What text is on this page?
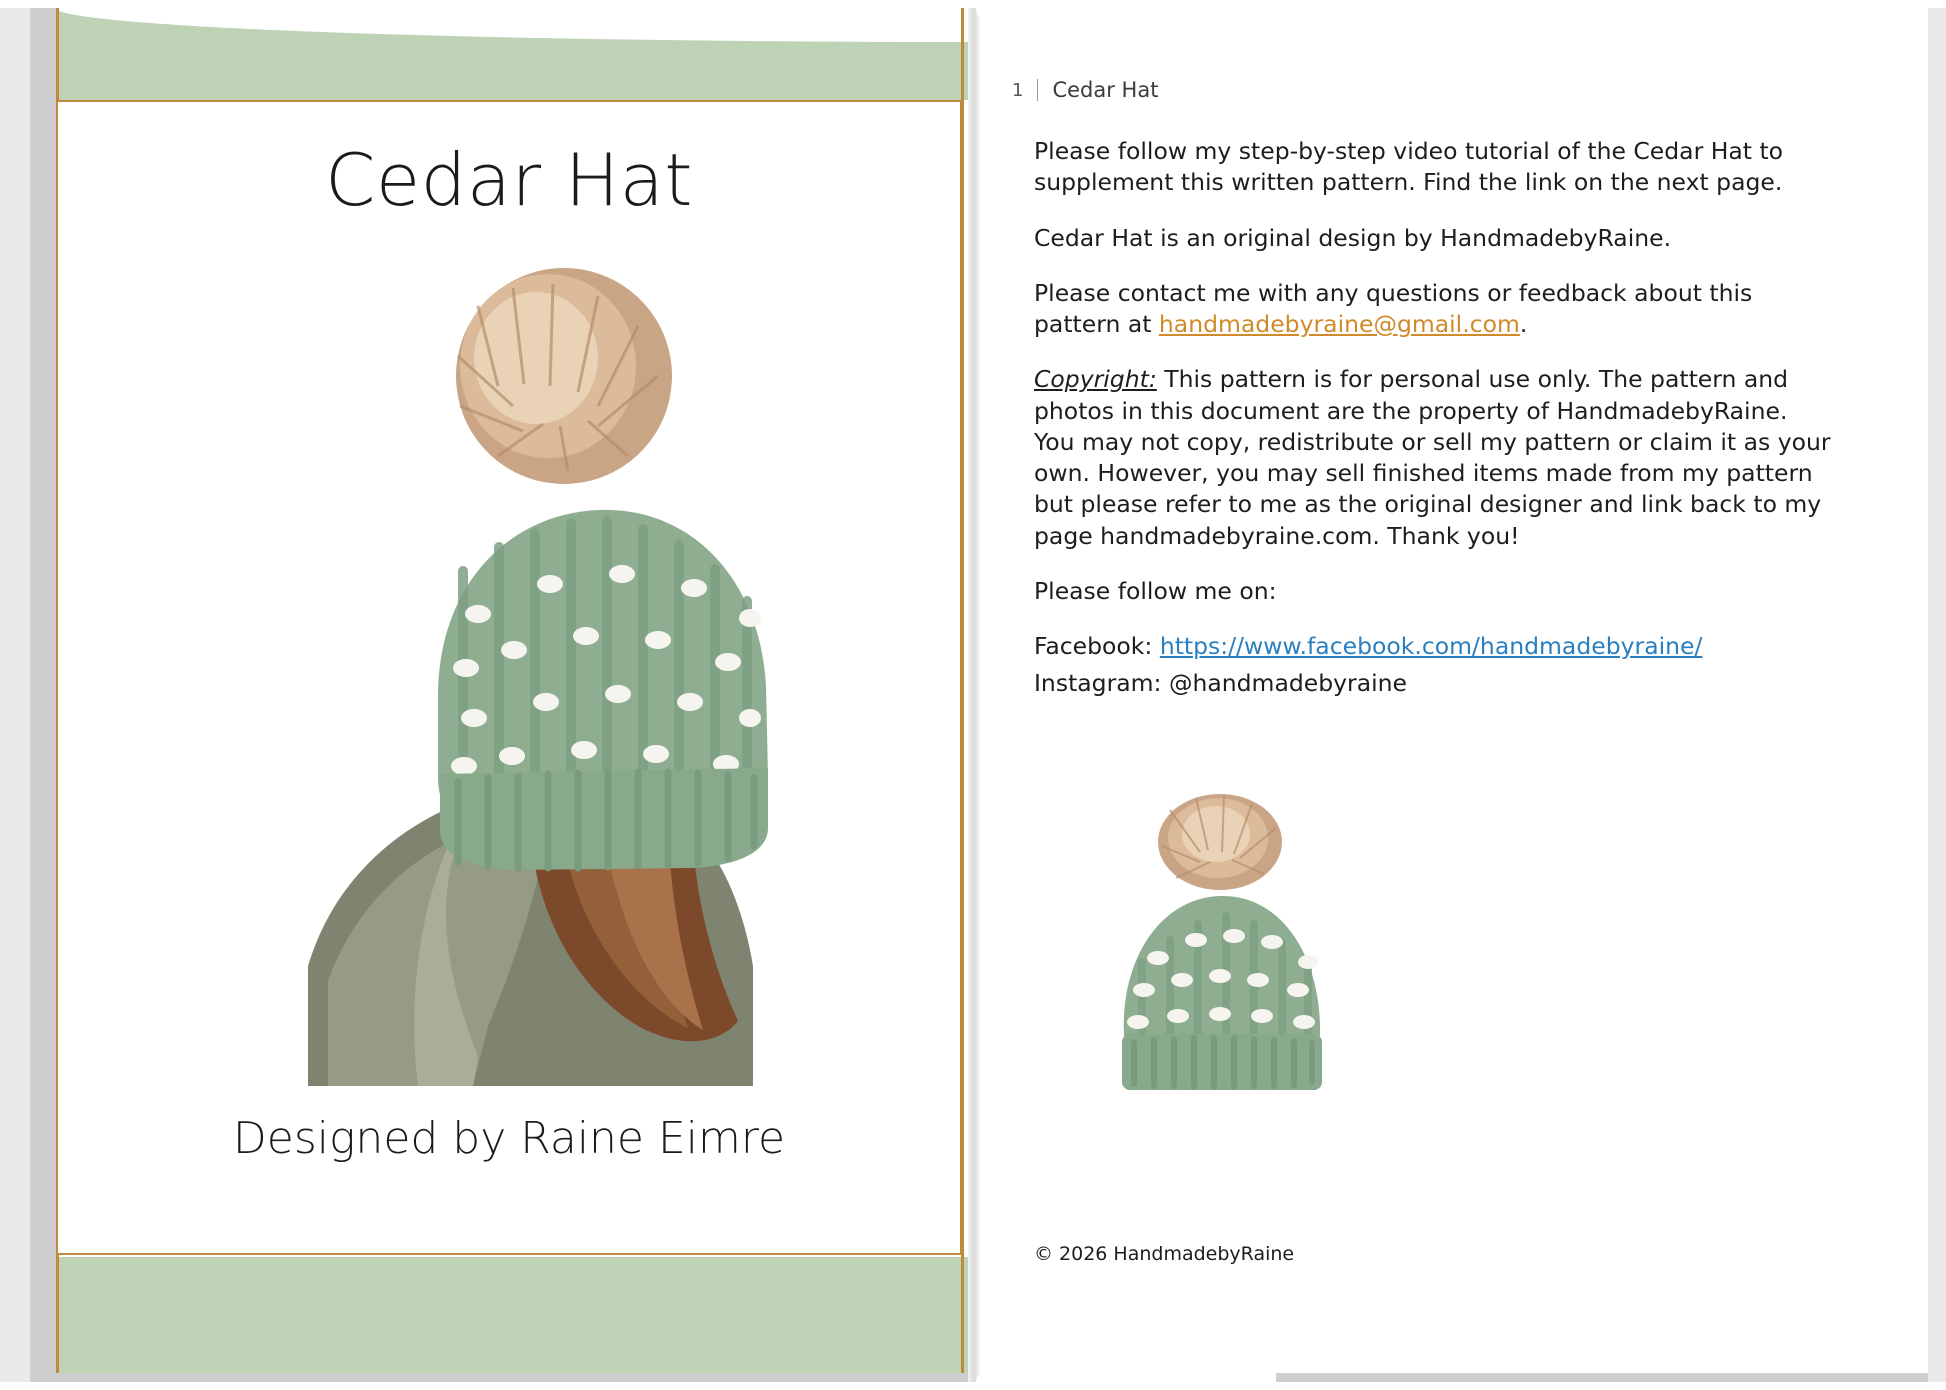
Cedar Hat
Designed by Raine Eimre
1 Cedar Hat

Please follow my step-by-step video tutorial of the Cedar Hat to supplement this written pattern. Find the link on the next page.

Cedar Hat is an original design by HandmadebyRaine.

Please contact me with any questions or feedback about this pattern at handmadebyraine@gmail.com.

Copyright: This pattern is for personal use only. The pattern and photos in this document are the property of HandmadebyRaine. You may not copy, redistribute or sell my pattern or claim it as your own. However, you may sell finished items made from my pattern but please refer to me as the original designer and link back to my page handmadebyraine.com. Thank you!

Please follow me on:

Facebook: https://www.facebook.com/handmadebyraine/

Instagram: @handmadebyraine

© 2026 HandmadebyRaine
